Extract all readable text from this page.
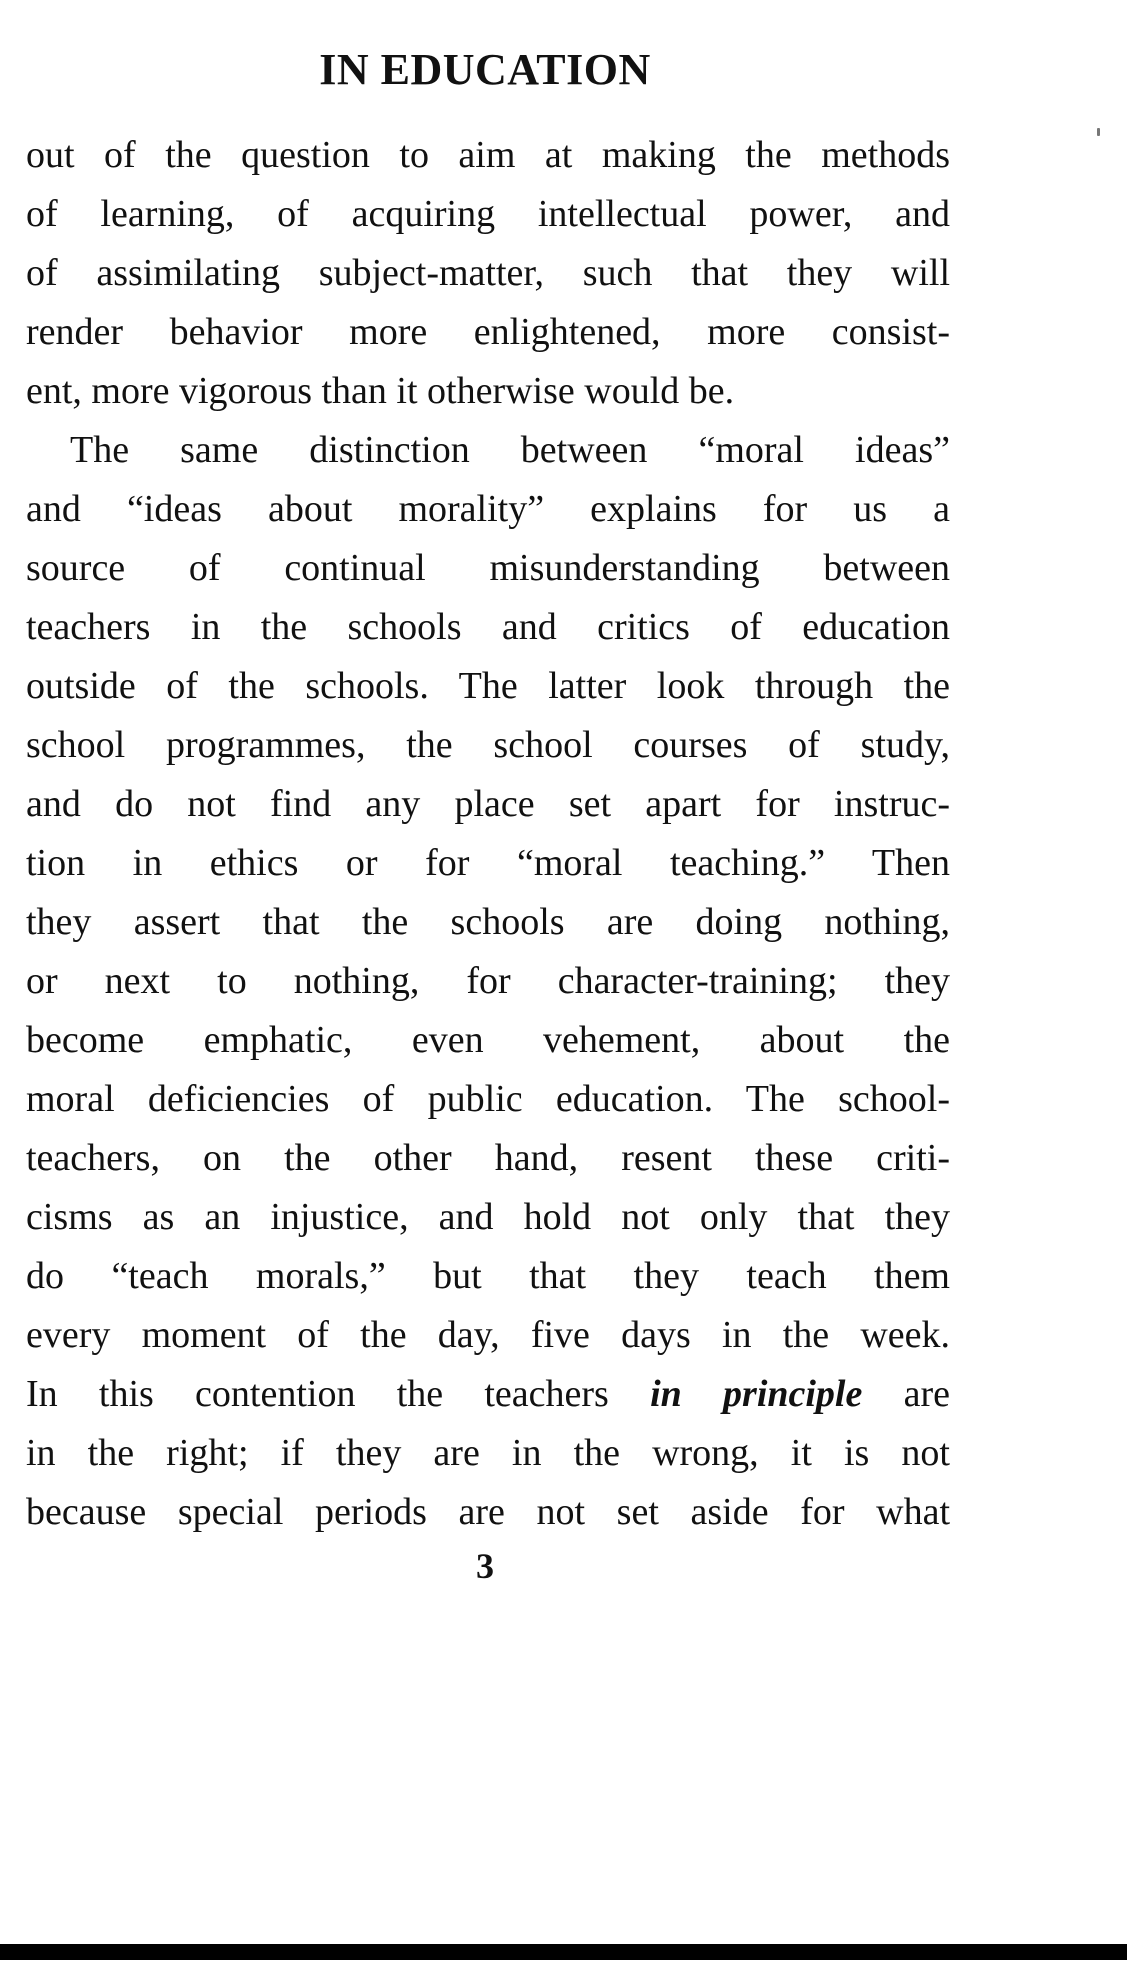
IN EDUCATION
out of the question to aim at making the methods
of learning, of acquiring intellectual power, and
of assimilating subject-matter, such that they will
render behavior more enlightened, more consist-
ent, more vigorous than it otherwise would be.
The same distinction between “moral ideas”
and “ideas about morality” explains for us a
source of continual misunderstanding between
teachers in the schools and critics of education
outside of the schools. The latter look through the
school programmes, the school courses of study,
and do not find any place set apart for instruc-
tion in ethics or for “moral teaching.” Then
they assert that the schools are doing nothing,
or next to nothing, for character-training; they
become emphatic, even vehement, about the
moral deficiencies of public education. The school-
teachers, on the other hand, resent these criti-
cisms as an injustice, and hold not only that they
do “teach morals,” but that they teach them
every moment of the day, five days in the week.
In this contention the teachers in principle are
in the right; if they are in the wrong, it is not
because special periods are not set aside for what
3
